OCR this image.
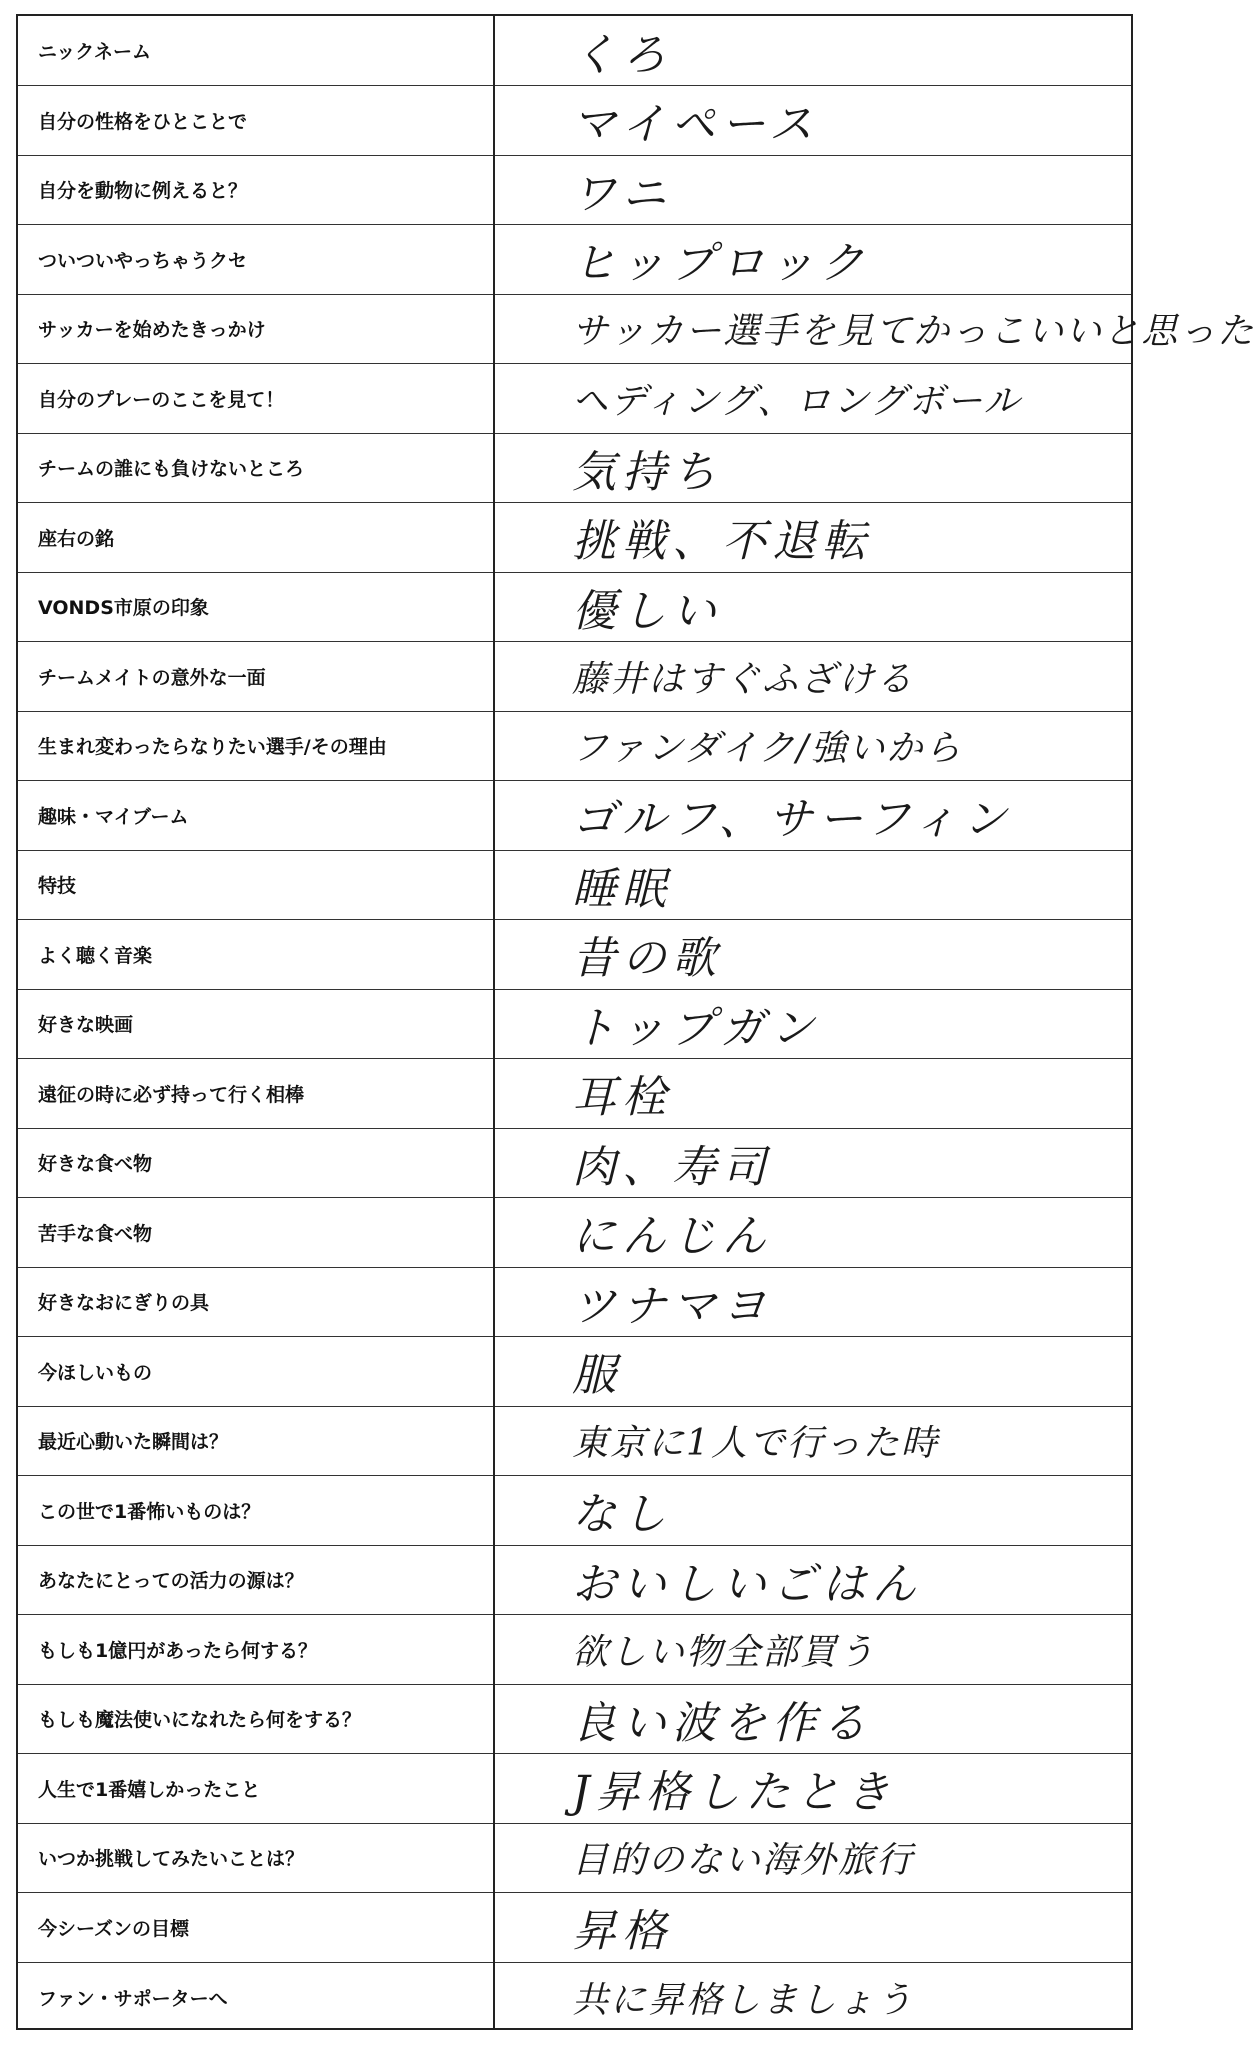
ニックネーム	くろ
自分の性格をひとことで	マイペース
自分を動物に例えると？	ワニ
ついついやっちゃうクセ	ヒップロック
サッカーを始めたきっかけ	サッカー選手を見てかっこいいと思った
自分のプレーのここを見て！	ヘディング、ロングボール
チームの誰にも負けないところ	気持ち
座右の銘	挑戦、不退転
VONDS市原の印象	優しい
チームメイトの意外な一面	藤井はすぐふざける
生まれ変わったらなりたい選手/その理由	ファンダイク/強いから
趣味・マイブーム	ゴルフ、サーフィン
特技	睡眠
よく聴く音楽	昔の歌
好きな映画	トップガン
遠征の時に必ず持って行く相棒	耳栓
好きな食べ物	肉、寿司
苦手な食べ物	にんじん
好きなおにぎりの具	ツナマヨ
今ほしいもの	服
最近心動いた瞬間は？	東京に1人で行った時
この世で1番怖いものは？	なし
あなたにとっての活力の源は？	おいしいごはん
もしも1億円があったら何する？	欲しい物全部買う
もしも魔法使いになれたら何をする？	良い波を作る
人生で1番嬉しかったこと	J昇格したとき
いつか挑戦してみたいことは？	目的のない海外旅行
今シーズンの目標	昇格
ファン・サポーターへ	共に昇格しましょう
